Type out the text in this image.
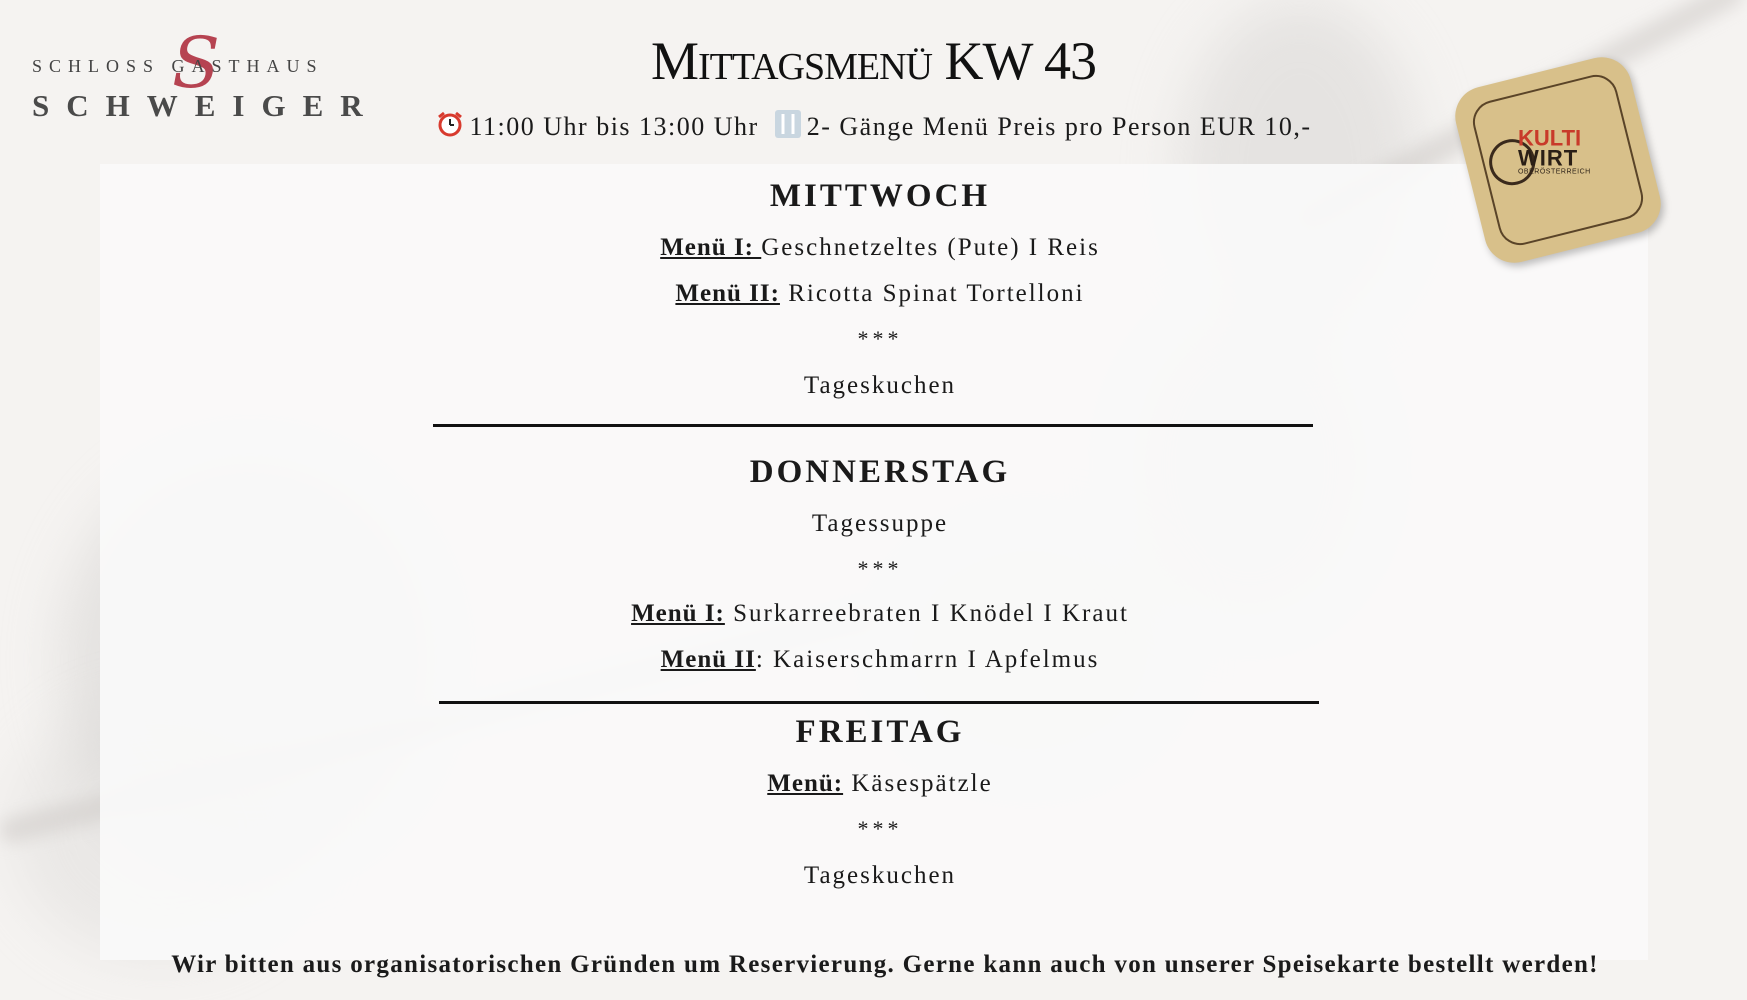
S
SCHLOSS GASTHAUS
SCHWEIGER
Mittagsmenü KW 43
11:00 Uhr bis 13:00 Uhr 2- Gänge Menü Preis pro Person EUR 10,-	KULTI
WIRT
OBERÖSTERREICH
MITTWOCH
Menü I: Geschnetzeltes (Pute) I Reis
Menü II: Ricotta Spinat Tortelloni
***
Tageskuchen
DONNERSTAG
Tagessuppe
***
Menü I: Surkarreebraten I Knödel I Kraut
Menü II: Kaiserschmarrn I Apfelmus
FREITAG
Menü: Käsespätzle
***
Tageskuchen
Wir bitten aus organisatorischen Gründen um Reservierung. Gerne kann auch von unserer Speisekarte bestellt werden!
